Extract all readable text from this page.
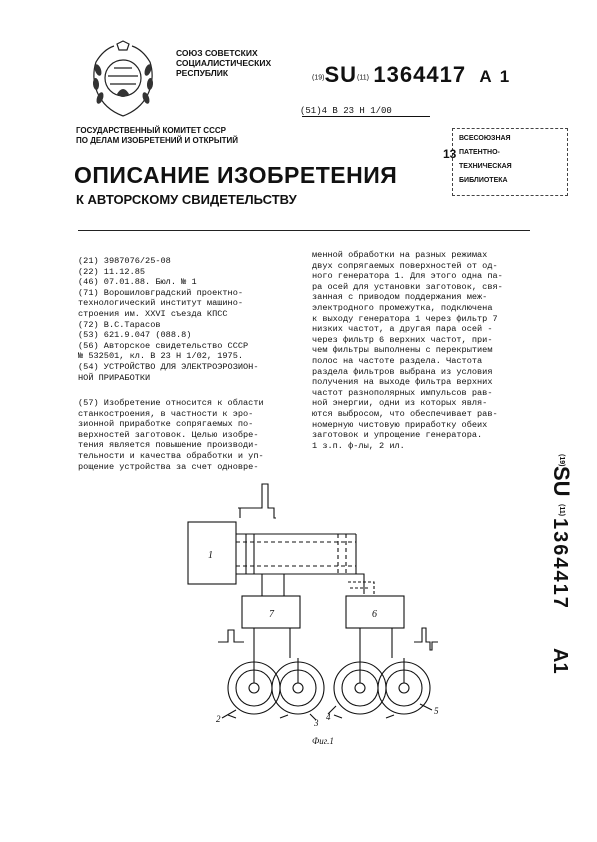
СОЮЗ СОВЕТСКИХ
СОЦИАЛИСТИЧЕСКИХ
РЕСПУБЛИК	(19)SU(11) 1364417 A 1
(51)4 В 23 Н 1/00
ГОСУДАРСТВЕННЫЙ КОМИТЕТ СССР
ПО ДЕЛАМ ИЗОБРЕТЕНИЙ И ОТКРЫТИЙ
13
ВСЕСОЮЗНАЯ
ПАТЕНТНО-
ТЕХНИЧЕСКАЯ
БИБЛИОТЕКА
ОПИСАНИЕ ИЗОБРЕТЕНИЯ
К АВТОРСКОМУ СВИДЕТЕЛЬСТВУ
(21) 3987076/25-08
(22) 11.12.85
(46) 07.01.88. Бюл. № 1
(71) Ворошиловградский проектно-
технологический институт машино-
строения им. XXVI съезда КПСС
(72) В.С.Тарасов
(53) 621.9.047 (088.8)
(56) Авторское свидетельство СССР
№ 532501, кл. В 23 Н 1/02, 1975.
(54) УСТРОЙСТВО ДЛЯ ЭЛЕКТРОЭРОЗИОН-
НОЙ ПРИРАБОТКИ
(57) Изобретение относится к области
станкостроения, в частности к эро-
зионной приработке сопрягаемых по-
верхностей заготовок. Целью изобре-
тения является повышение производи-
тельности и качества обработки и уп-
рощение устройства за счет одновре-
менной обработки на разных режимах
двух сопрягаемых поверхностей от од-
ного генератора 1. Для этого одна па-
ра осей для установки заготовок, свя-
занная с приводом поддержания меж-
электродного промежутка, подключена
к выходу генератора 1 через фильтр 7
низких частот, а другая пара осей -
через фильтр 6 верхних частот, при-
чем фильтры выполнены с перекрытием
полос на частоте раздела. Частота
раздела фильтров выбрана из условия
получения на выходе фильтра верхних
частот разнополярных импульсов рав-
ной энергии, одни из которых явля-
ются выбросом, что обеспечивает рав-
номерную чистовую приработку обеих
заготовок и упрощение генератора.
1 з.п. ф-лы, 2 ил.
(19)
SU
(11)
1364417
A1
1
7	6
2	3
4
5
Фиг.1
